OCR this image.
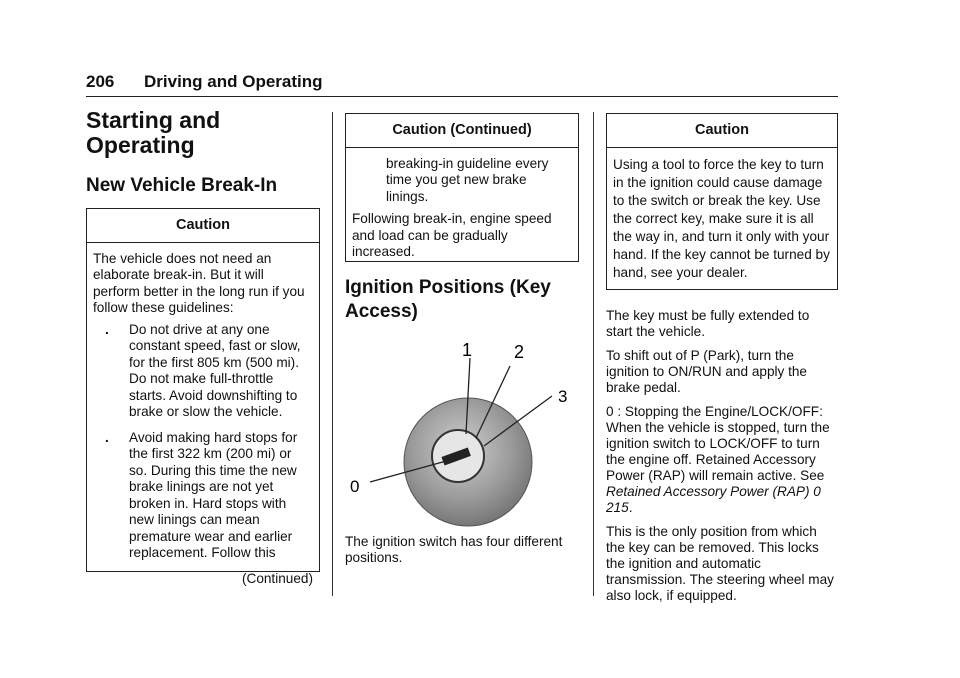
206 Driving and Operating
Starting and
Operating
New Vehicle Break-In
Caution

The vehicle does not need an elaborate break-in. But it will perform better in the long run if you follow these guidelines:

. Do not drive at any one constant speed, fast or slow, for the first 805 km (500 mi). Do not make full-throttle starts. Avoid downshifting to brake or slow the vehicle.
. Avoid making hard stops for the first 322 km (200 mi) or so. During this time the new brake linings are not yet broken in. Hard stops with new linings can mean premature wear and earlier replacement. Follow this
(Continued)
Caution (Continued)

breaking-in guideline every time you get new brake linings.

Following break-in, engine speed and load can be gradually increased.

Ignition Positions (Key
Access)
0
1 2
3

The ignition switch has four different positions.

Caution

Using a tool to force the key to turn in the ignition could cause damage to the switch or break the key. Use the correct key, make sure it is all the way in, and turn it only with your hand. If the key cannot be turned by hand, see your dealer.

The key must be fully extended to start the vehicle.

To shift out of P (Park), turn the ignition to ON/RUN and apply the brake pedal.

0 : Stopping the Engine/LOCK/OFF: When the vehicle is stopped, turn the ignition switch to LOCK/OFF to turn the engine off. Retained Accessory Power (RAP) will remain active. See Retained Accessory Power (RAP) 0 215.

This is the only position from which the key can be removed. This locks the ignition and automatic transmission. The steering wheel may also lock, if equipped.
